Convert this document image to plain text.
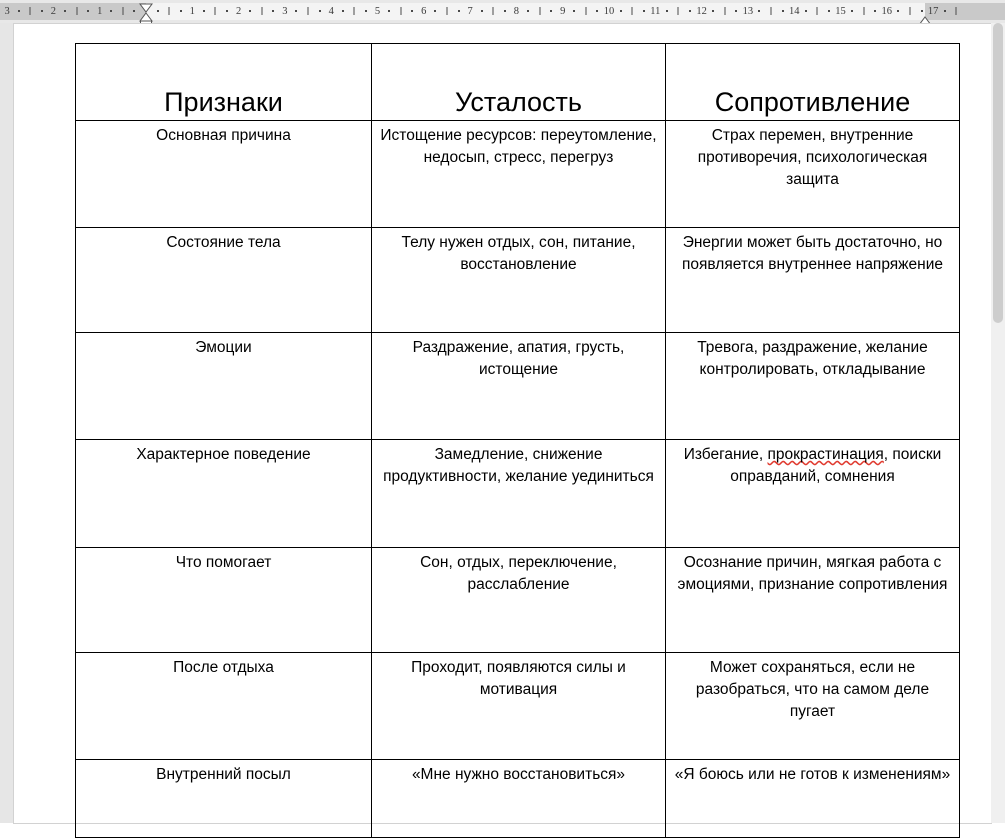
3	2	1	1	2	3	4	5	6	7	8	9	10	11	12	13	14	15	16	17
Признаки	Усталость	Сопротивление
Основная причина	Истощение ресурсов: переутомление, недосып, стресс, перегруз	Страх перемен, внутренние противоречия, психологическая защита
Состояние тела	Телу нужен отдых, сон, питание, восстановление	Энергии может быть достаточно, но появляется внутреннее напряжение
Эмоции	Раздражение, апатия, грусть, истощение	Тревога, раздражение, желание контролировать, откладывание
Характерное поведение	Замедление, снижение продуктивности, желание уединиться	Избегание, прокрастинация, поиски оправданий, сомнения
Что помогает	Сон, отдых, переключение, расслабление	Осознание причин, мягкая работа с эмоциями, признание сопротивления
После отдыха	Проходит, появляются силы и мотивация	Может сохраняться, если не разобраться, что на самом деле пугает
Внутренний посыл	«Мне нужно восстановиться»	«Я боюсь или не готов к изменениям»
